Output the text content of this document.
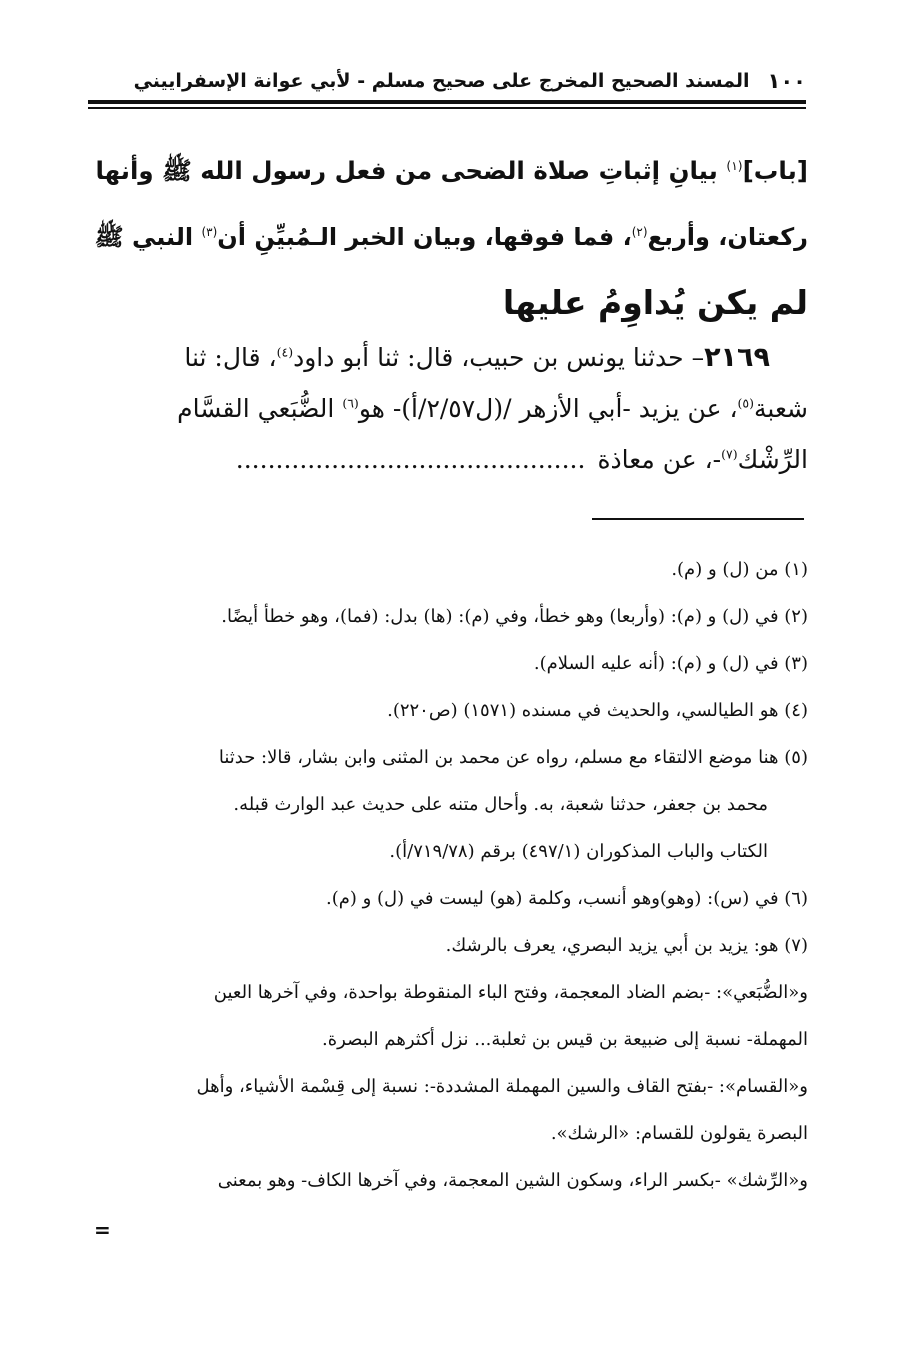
١٠٠
المسند الصحيح المخرج على صحيح مسلم - لأبي عوانة الإسفراييني
[باب]$^{(١)}$ بيانِ إثباتِ صلاة الضحى من فعل رسول الله ﷺ وأنها
ركعتان، وأربع$^{(٢)}$، فما فوقها، وبيان الخبر الـمُبيِّنِ أن$^{(٣)}$ النبي ﷺ
لم يكن يُداوِمُ عليها
٢١٦٩– حدثنا يونس بن حبيب، قال: ثنا أبو داود$^{(٤)}$، قال: ثنا
شعبة$^{(٥)}$، عن يزيد -أبي الأزهر /(ل٢/٥٧/أ)- هو$^{(٦)}$ الضُّبَعي القسَّام
الرِّشْك$^{(٧)}$-، عن معاذة............................................
(١) من (ل) و (م).
(٢) في (ل) و (م): (وأربعا) وهو خطأ، وفي (م): (ها) بدل: (فما)، وهو خطأ أيضًا.
(٣) في (ل) و (م): (أنه عليه السلام).
(٤) هو الطيالسي، والحديث في مسنده (١٥٧١) (ص٢٢٠).
(٥) هنا موضع الالتقاء مع مسلم، رواه عن محمد بن المثنى وابن بشار، قالا: حدثنا
محمد بن جعفر، حدثنا شعبة، به. وأحال متنه على حديث عبد الوارث قبله.
الكتاب والباب المذكوران (٤٩٧/١) برقم (٧١٩/٧٨/أ).
(٦) في (س): (وهو)وهو أنسب، وكلمة (هو) ليست في (ل) و (م).
(٧) هو: يزيد بن أبي يزيد البصري، يعرف بالرشك.
و«الضُّبَعي»: -بضم الضاد المعجمة، وفتح الباء المنقوطة بواحدة، وفي آخرها العين
المهملة- نسبة إلى ضبيعة بن قيس بن ثعلبة... نزل أكثرهم البصرة.
و«القسام»: -بفتح القاف والسين المهملة المشددة-: نسبة إلى قِسْمة الأشياء، وأهل
البصرة يقولون للقسام: «الرشك».
و«الرِّشك» -بكسر الراء، وسكون الشين المعجمة، وفي آخرها الكاف- وهو بمعنى
=
